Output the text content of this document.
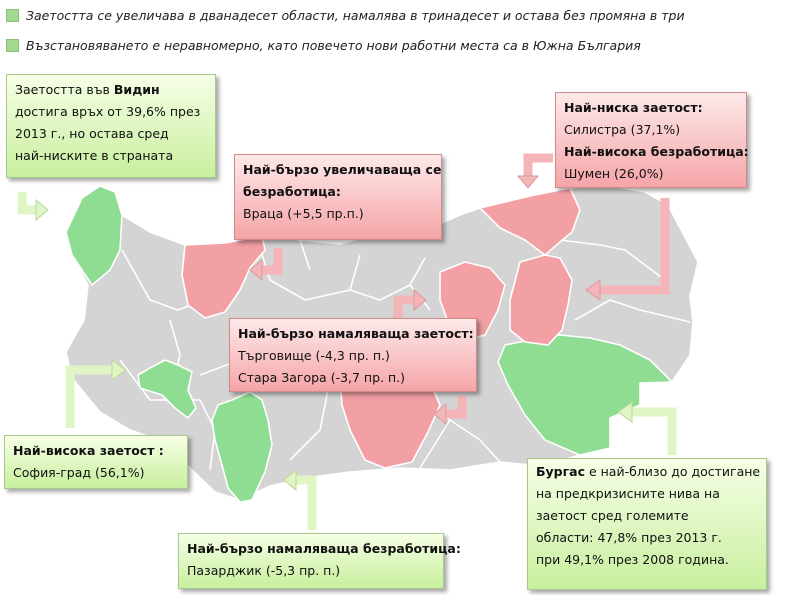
Заетостта се увеличава в дванадесет области, намалява в тринадесет и остава без промяна в три
Възстановяването е неравномерно, като повечето нови работни места са в Южна България
Заетостта във Видин
достига връх от 39,6% през
2013 г., но остава сред
най-ниските в страната
Най-бързо увеличаваща се
безработица:
Враца (+5,5 пр.п.)
Най-ниска заетост:
Силистра (37,1%)
Най-висока безработица:
Шумен (26,0%)
Най-бързо намаляваща заетост:
Търговище (-4,3 пр. п.)
Стара Загора (-3,7 пр. п.)
Най-висока заетост :
София-град (56,1%)
Най-бързо намаляваща безработица:
Пазарджик (-5,3 пр. п.)
Бургас е най-близо до достигане
на предкризисните нива на
заетост сред големите
области: 47,8% през 2013 г.
при 49,1% през 2008 година.
